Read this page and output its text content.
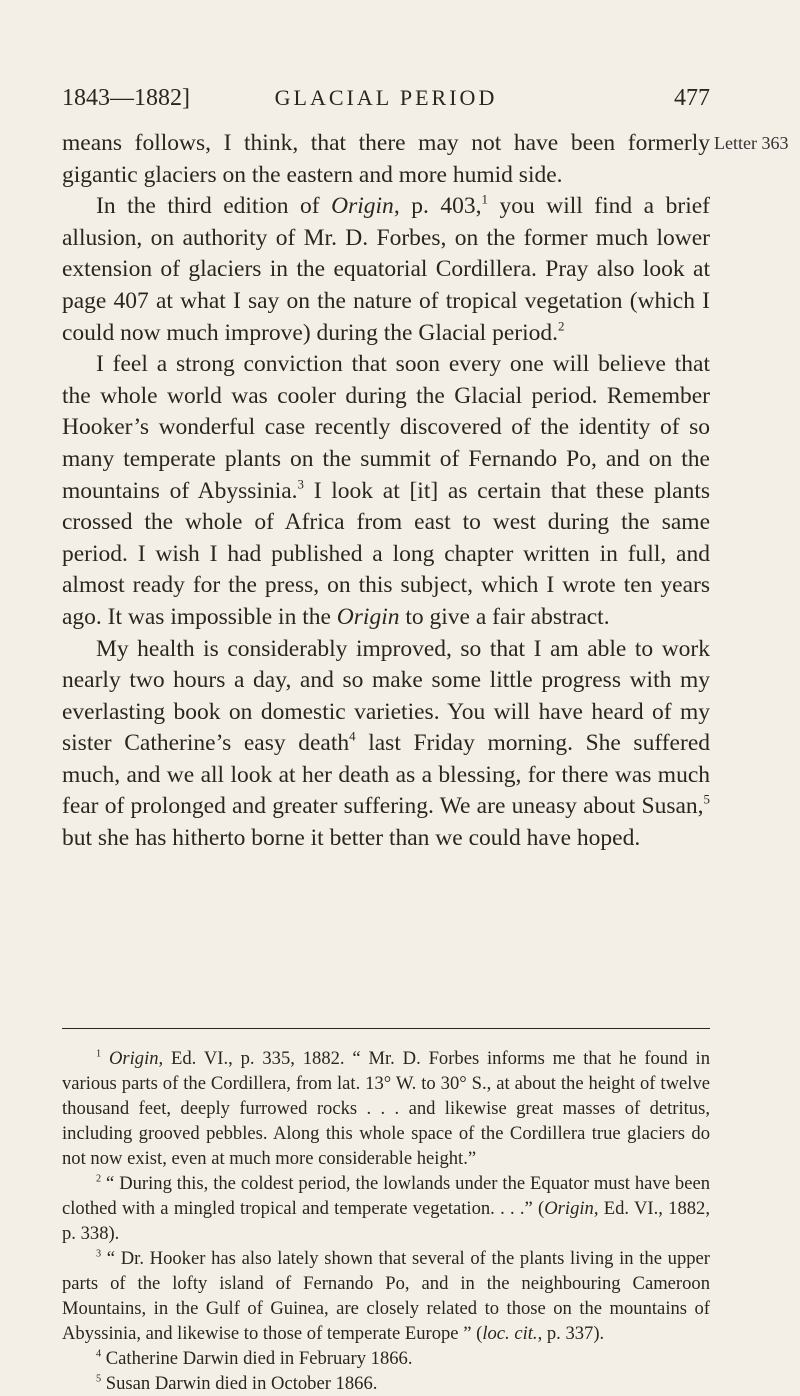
1843—1882]	GLACIAL PERIOD	477
Letter 363

means follows, I think, that there may not have been formerly gigantic glaciers on the eastern and more humid side.

In the third edition of Origin, p. 403,$^1$ you will find a brief allusion, on authority of Mr. D. Forbes, on the former much lower extension of glaciers in the equatorial Cordillera. Pray also look at page 407 at what I say on the nature of tropical vegetation (which I could now much improve) during the Glacial period.$^2$

I feel a strong conviction that soon every one will believe that the whole world was cooler during the Glacial period. Remember Hooker’s wonderful case recently discovered of the identity of so many temperate plants on the summit of Fernando Po, and on the mountains of Abyssinia.$^3$ I look at [it] as certain that these plants crossed the whole of Africa from east to west during the same period. I wish I had published a long chapter written in full, and almost ready for the press, on this subject, which I wrote ten years ago. It was impossible in the Origin to give a fair abstract.

My health is considerably improved, so that I am able to work nearly two hours a day, and so make some little progress with my everlasting book on domestic varieties. You will have heard of my sister Catherine’s easy death$^4$ last Friday morning. She suffered much, and we all look at her death as a blessing, for there was much fear of prolonged and greater suffering. We are uneasy about Susan,$^5$ but she has hitherto borne it better than we could have hoped.

$^1$ Origin, Ed. VI., p. 335, 1882. “ Mr. D. Forbes informs me that he found in various parts of the Cordillera, from lat. 13° W. to 30° S., at about the height of twelve thousand feet, deeply furrowed rocks . . . and likewise great masses of detritus, including grooved pebbles. Along this whole space of the Cordillera true glaciers do not now exist, even at much more considerable height.”

$^2$ “ During this, the coldest period, the lowlands under the Equator must have been clothed with a mingled tropical and temperate vegetation. . . .” (Origin, Ed. VI., 1882, p. 338).

$^3$ “ Dr. Hooker has also lately shown that several of the plants living in the upper parts of the lofty island of Fernando Po, and in the neighbouring Cameroon Mountains, in the Gulf of Guinea, are closely related to those on the mountains of Abyssinia, and likewise to those of temperate Europe ” (loc. cit., p. 337).

$^4$ Catherine Darwin died in February 1866.

$^5$ Susan Darwin died in October 1866.
